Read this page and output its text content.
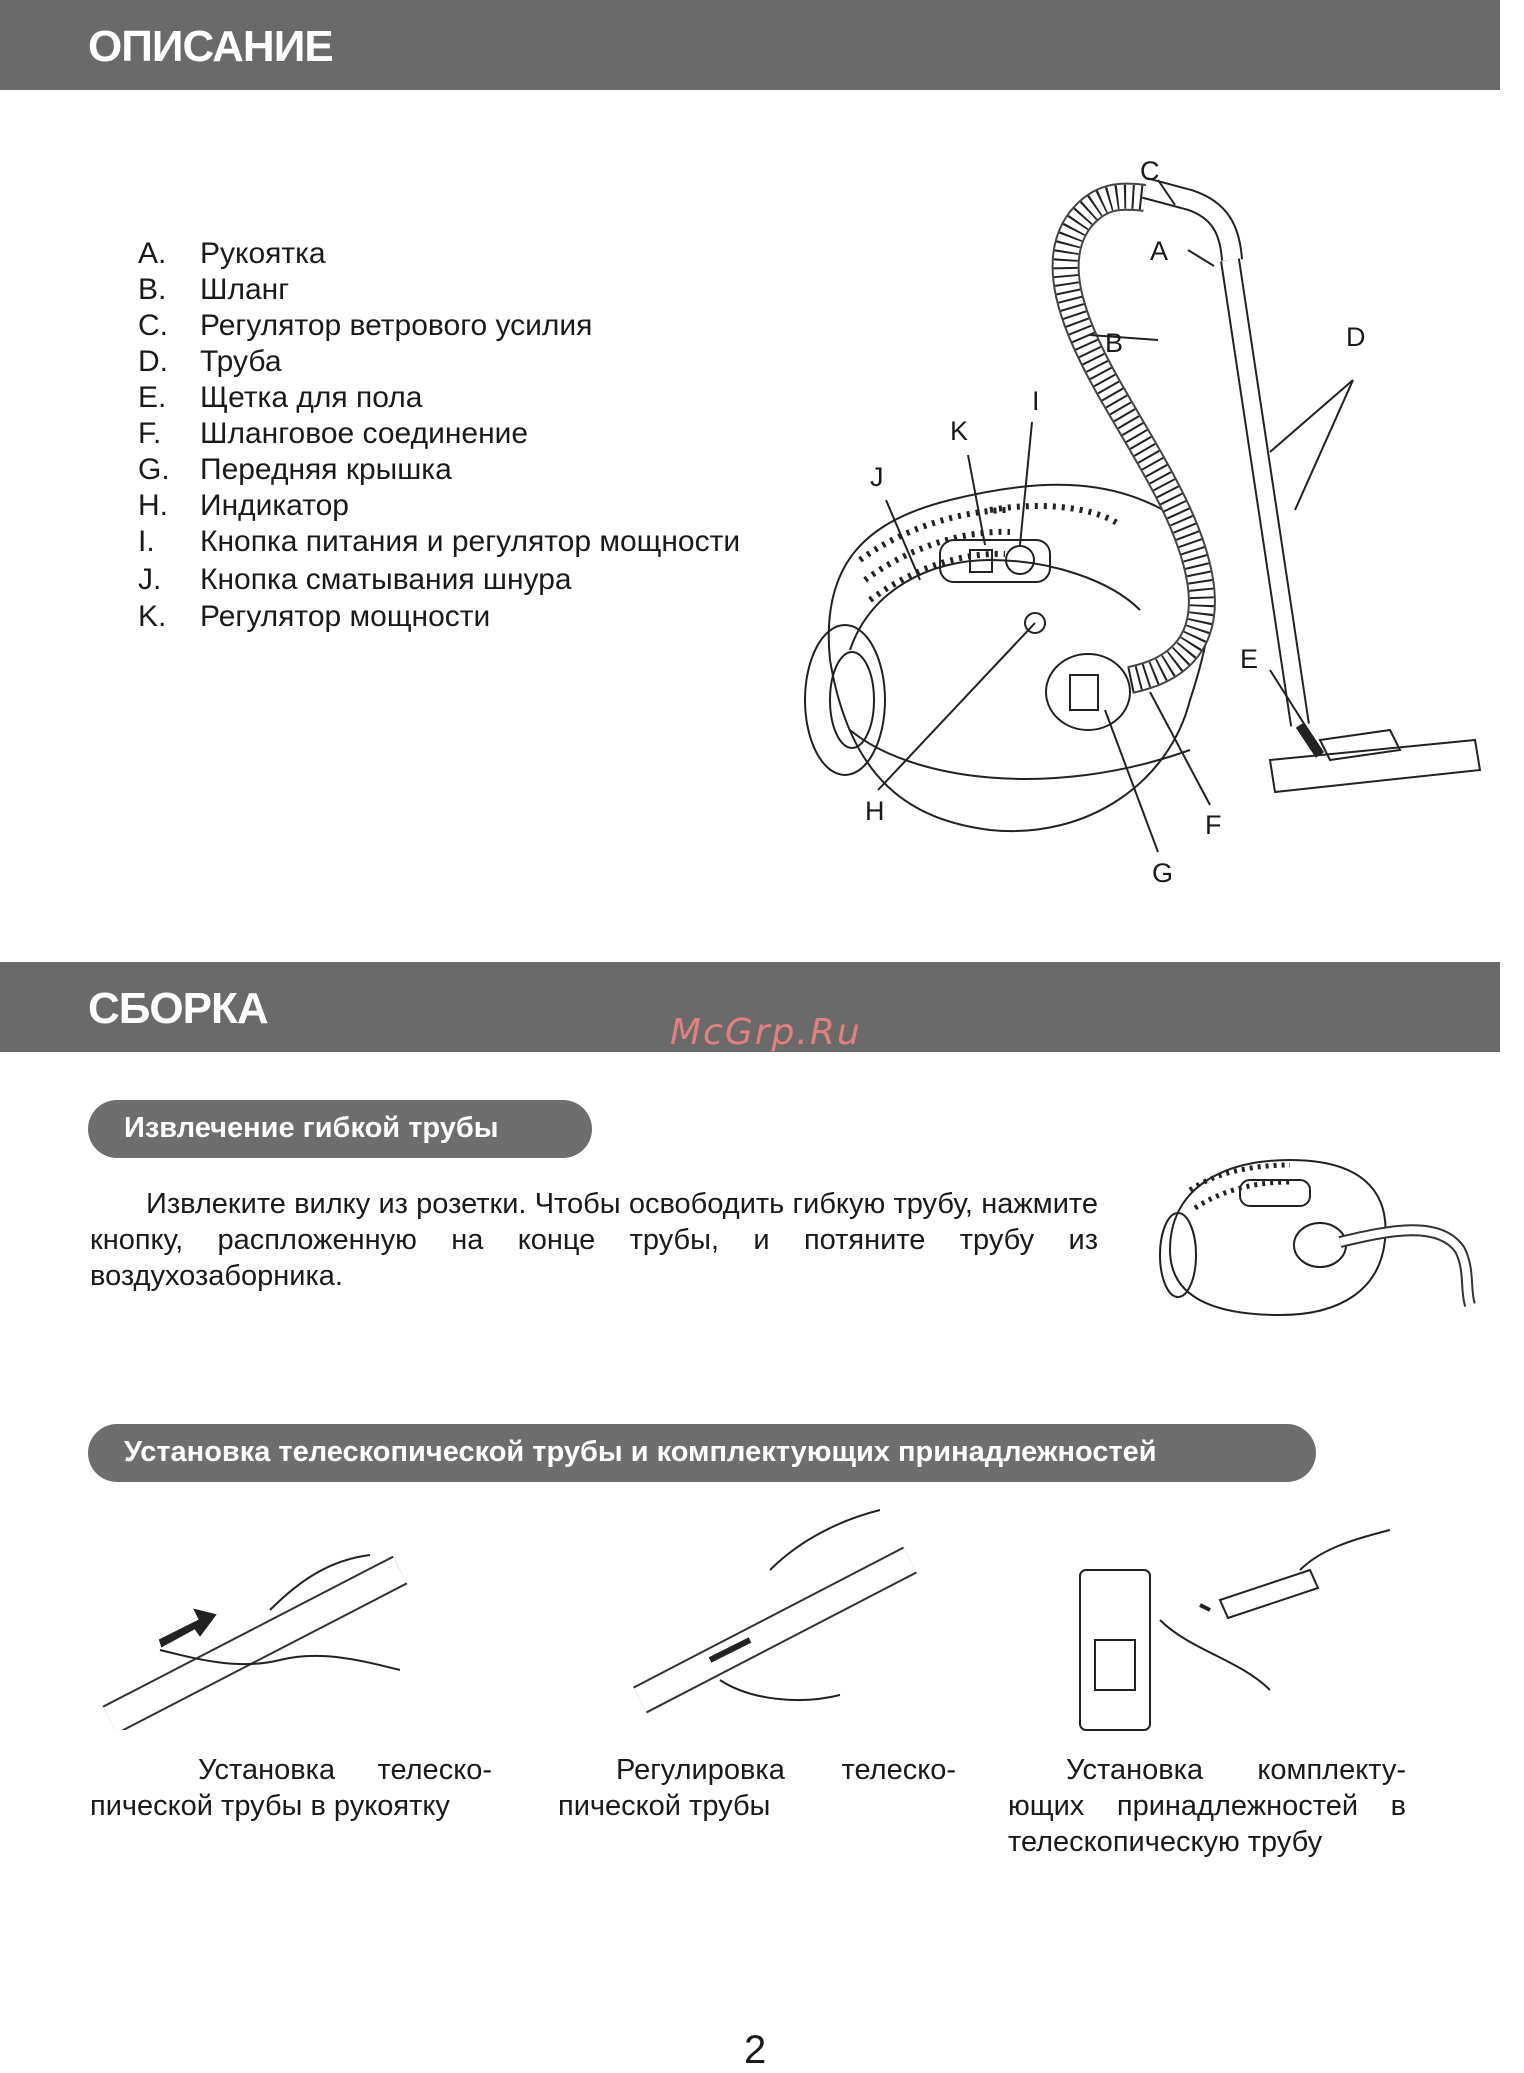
ОПИСАНИЕ
A.	Рукоятка
B.	Шланг
C.	Регулятор ветрового усилия
D.	Труба
E.	Щетка для пола
F.	Шланговое соединение
G.	Передняя крышка
H.	Индикатор
I.	Кнопка питания и регулятор мощности
J.	Кнопка сматывания шнура
K.	Регулятор мощности
C
A
B	D
I
K
J
E
H	F
G
СБОРКА	McGrp.Ru
Извлечение гибкой трубы
Извлеките вилку из розетки. Чтобы освободить гибкую трубу, нажмите кнопку, pаспложенную на конце трубы, и потяните трубу из воздухозаборника.
Установка телескопической трубы и комплектующих принадлежностей
Установка телеско-пической трубы в рукоятку
Регулировка телеско-пической трубы
Установка комплекту-ющих принадлежностей в телескопическую трубу
2
